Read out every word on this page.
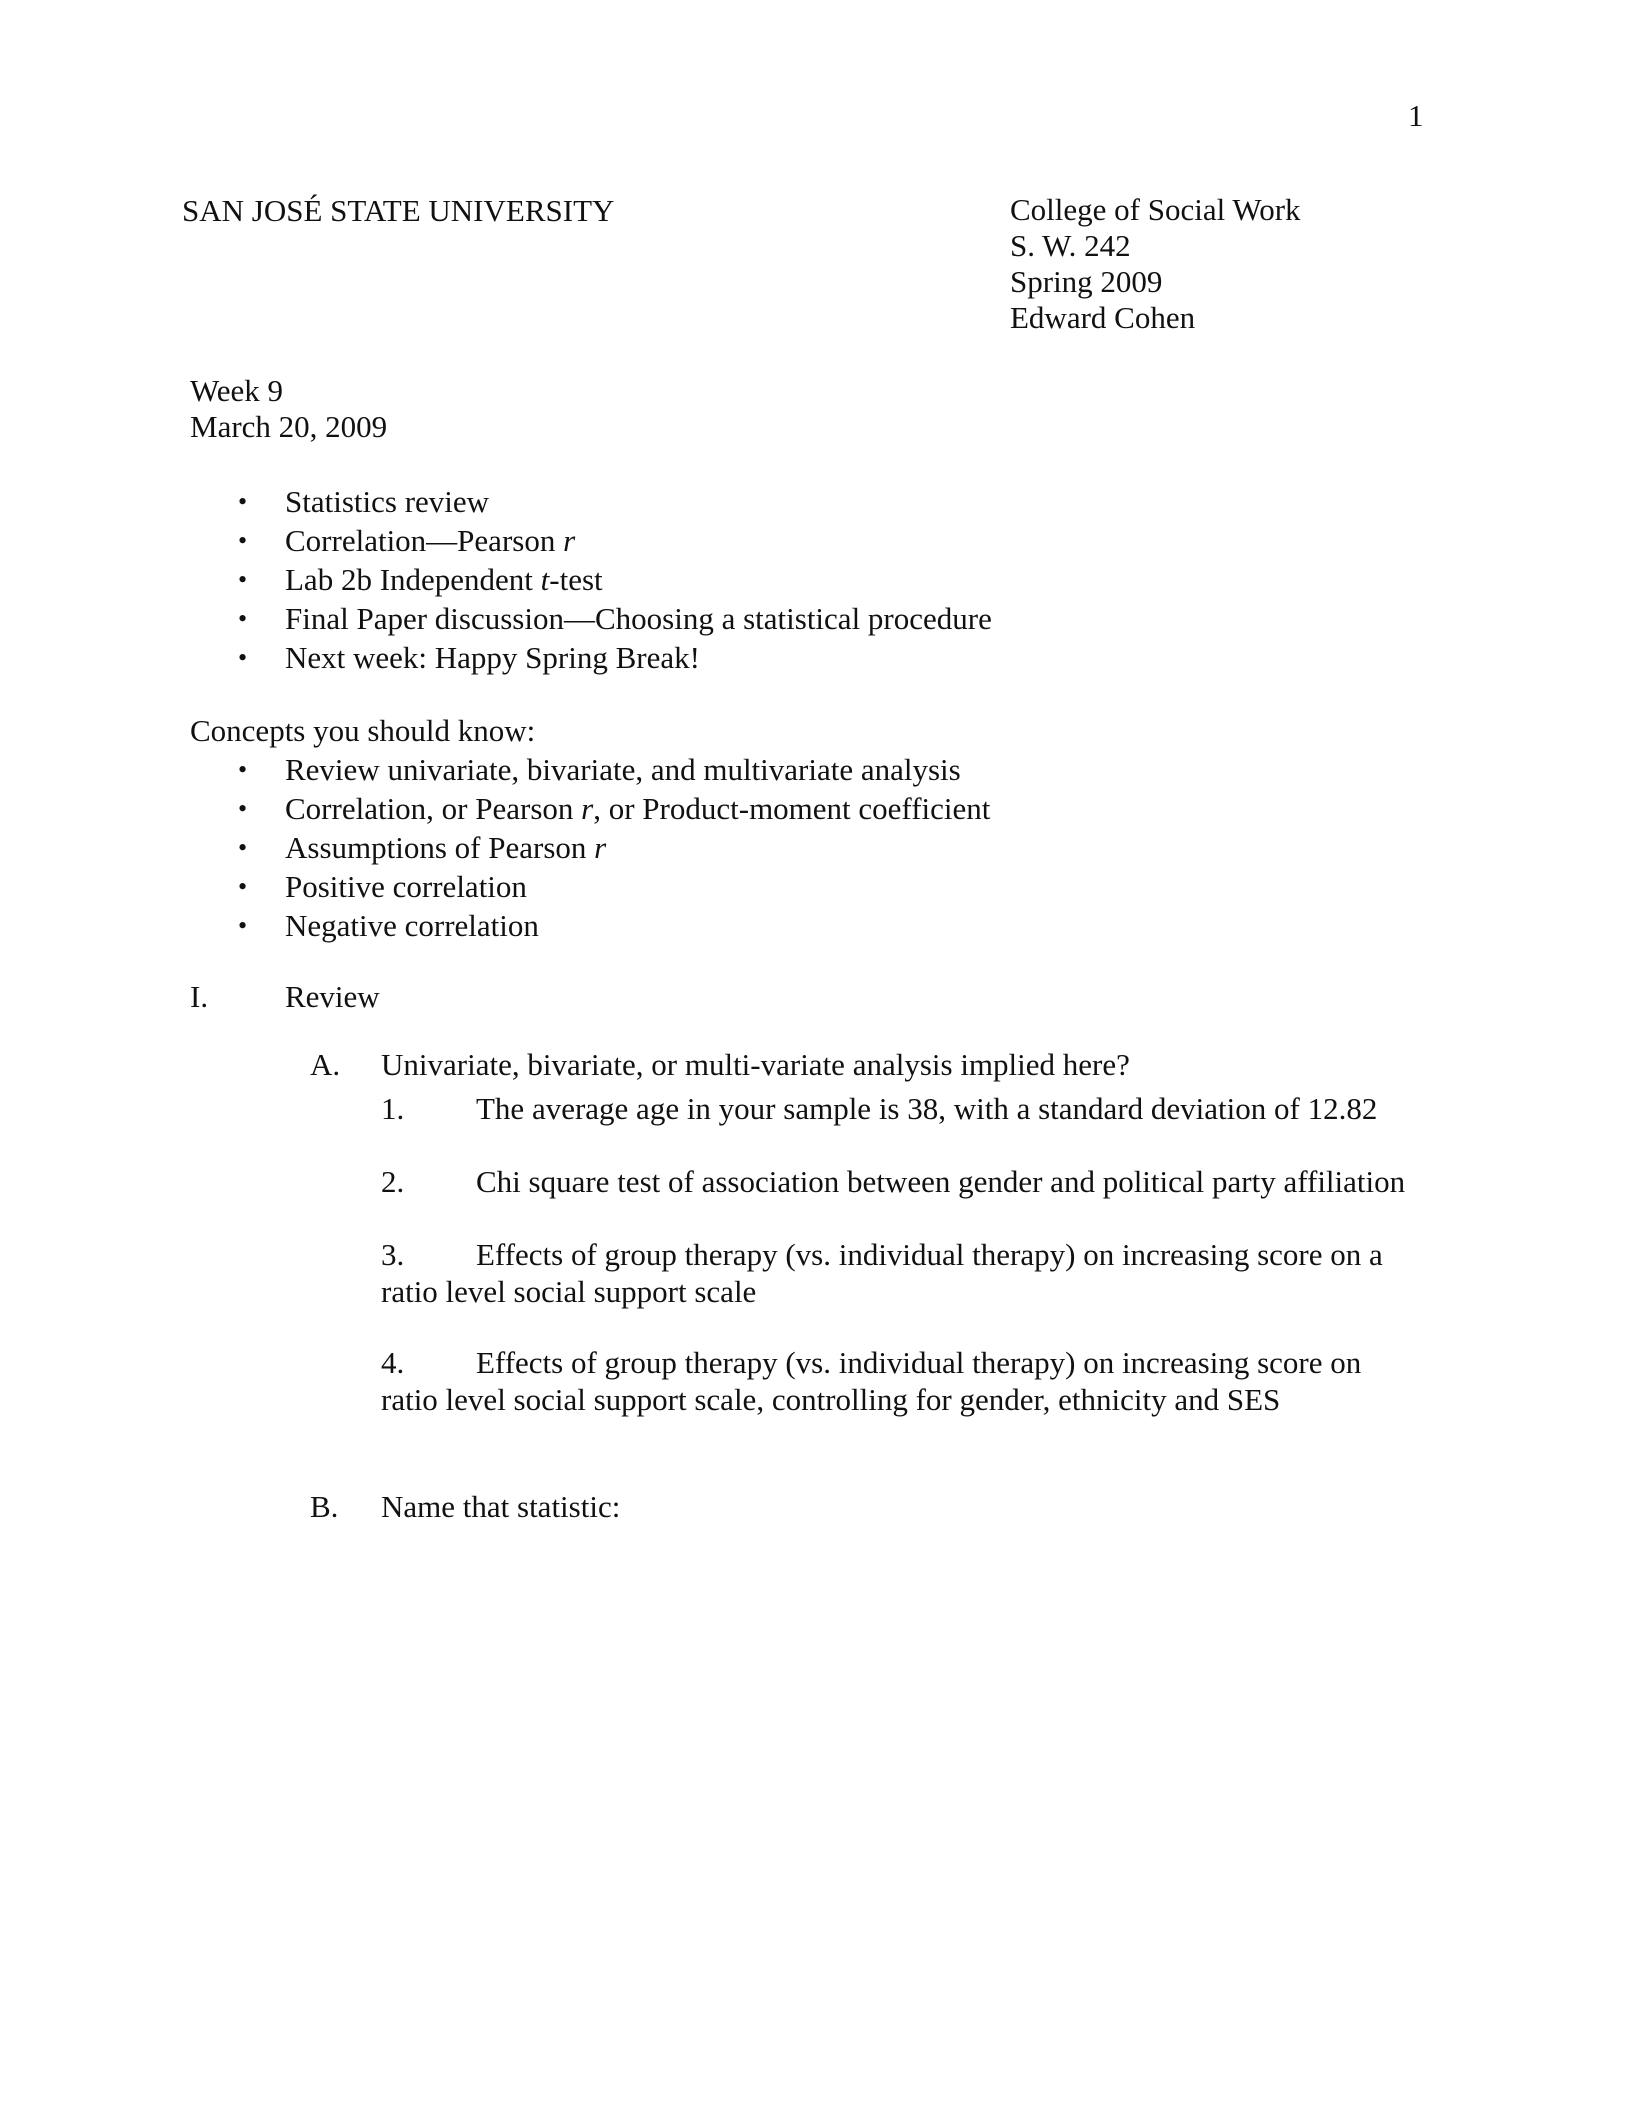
1
SAN JOSÉ STATE UNIVERSITY	College of Social Work
S. W. 242
Spring 2009
Edward Cohen
Week 9
March 20, 2009
• Statistics review
• Correlation—Pearson r
• Lab 2b Independent t-test
• Final Paper discussion—Choosing a statistical procedure
• Next week: Happy Spring Break!
Concepts you should know:
• Review univariate, bivariate, and multivariate analysis
• Correlation, or Pearson r, or Product-moment coefficient
• Assumptions of Pearson r
• Positive correlation
• Negative correlation
I. Review
A. Univariate, bivariate, or multi-variate analysis implied here?
1. The average age in your sample is 38, with a standard deviation of 12.82
2. Chi square test of association between gender and political party affiliation
3. Effects of group therapy (vs. individual therapy) on increasing score on a
ratio level social support scale
4. Effects of group therapy (vs. individual therapy) on increasing score on
ratio level social support scale, controlling for gender, ethnicity and SES
B. Name that statistic:
